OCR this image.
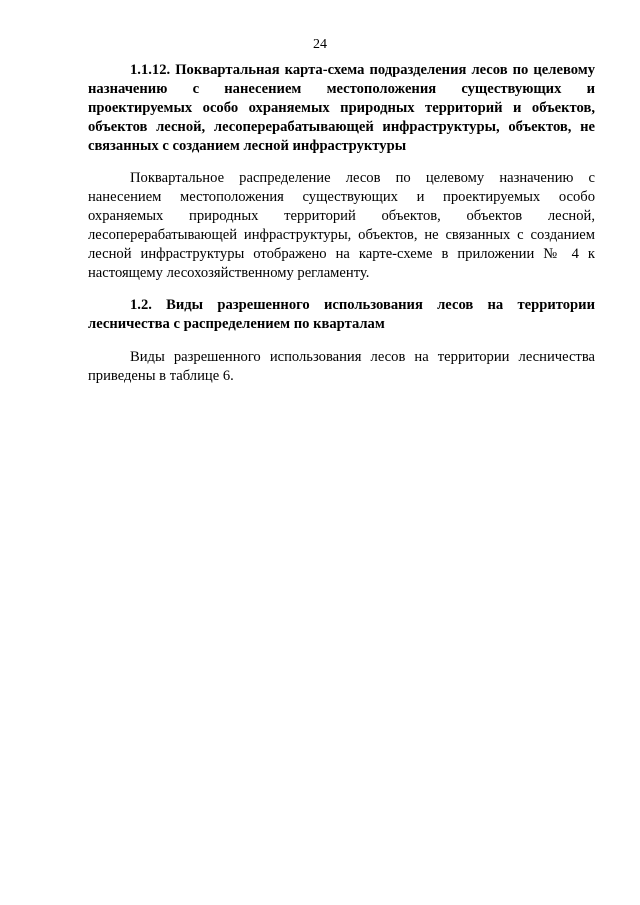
24

1.1.12. Поквартальная карта-схема подразделения лесов по целевому назначению с нанесением местоположения существующих и проектируемых особо охраняемых природных территорий и объектов, объектов лесной, лесоперерабатывающей инфраструктуры, объектов, не связанных с созданием лесной инфраструктуры

Поквартальное распределение лесов по целевому назначению с нанесением местоположения существующих и проектируемых особо охраняемых природных территорий объектов, объектов лесной, лесоперерабатывающей инфраструктуры, объектов, не связанных с созданием лесной инфраструктуры отображено на карте-схеме в приложении № 4 к настоящему лесохозяйственному регламенту.

1.2. Виды разрешенного использования лесов на территории лесничества с распределением по кварталам

Виды разрешенного использования лесов на территории лесничества приведены в таблице 6.
